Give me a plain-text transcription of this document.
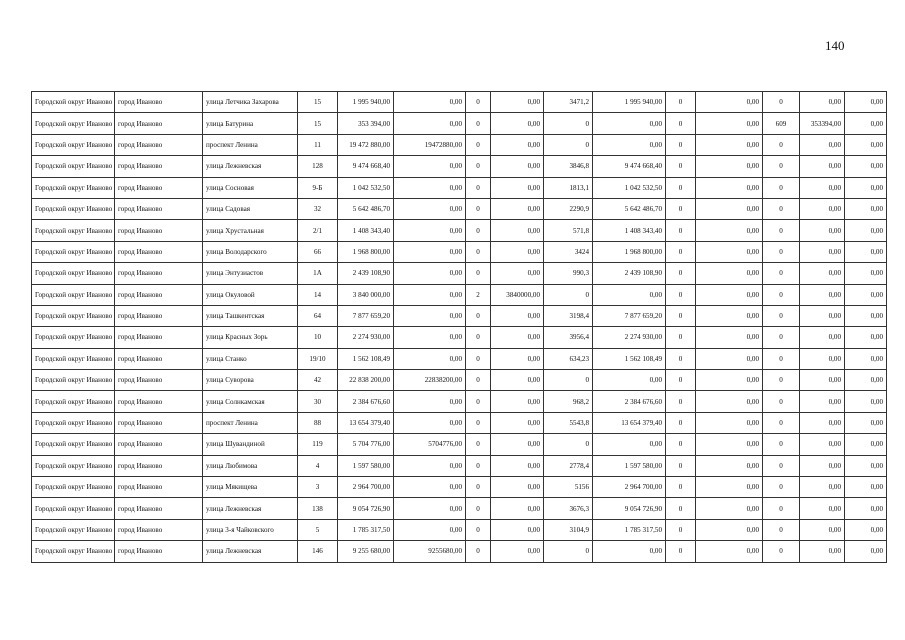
140
Городской округ Иваново	город Иваново	улица Летчика Захарова	15	1 995 940,00	0,00	0	0,00	3471,2	1 995 940,00	0	0,00	0	0,00	0,00
Городской округ Иваново	город Иваново	улица Батурина	15	353 394,00	0,00	0	0,00	0	0,00	0	0,00	609	353394,00	0,00
Городской округ Иваново	город Иваново	проспект Ленина	11	19 472 880,00	19472880,00	0	0,00	0	0,00	0	0,00	0	0,00	0,00
Городской округ Иваново	город Иваново	улица Лежневская	128	9 474 668,40	0,00	0	0,00	3846,8	9 474 668,40	0	0,00	0	0,00	0,00
Городской округ Иваново	город Иваново	улица Сосновая	9-Б	1 042 532,50	0,00	0	0,00	1813,1	1 042 532,50	0	0,00	0	0,00	0,00
Городской округ Иваново	город Иваново	улица Садовая	32	5 642 486,70	0,00	0	0,00	2290,9	5 642 486,70	0	0,00	0	0,00	0,00
Городской округ Иваново	город Иваново	улица Хрустальная	2/1	1 408 343,40	0,00	0	0,00	571,8	1 408 343,40	0	0,00	0	0,00	0,00
Городской округ Иваново	город Иваново	улица Володарского	66	1 968 800,00	0,00	0	0,00	3424	1 968 800,00	0	0,00	0	0,00	0,00
Городской округ Иваново	город Иваново	улица Энтузиастов	1А	2 439 108,90	0,00	0	0,00	990,3	2 439 108,90	0	0,00	0	0,00	0,00
Городской округ Иваново	город Иваново	улица Окуловой	14	3 840 000,00	0,00	2	3840000,00	0	0,00	0	0,00	0	0,00	0,00
Городской округ Иваново	город Иваново	улица Ташкентская	64	7 877 659,20	0,00	0	0,00	3198,4	7 877 659,20	0	0,00	0	0,00	0,00
Городской округ Иваново	город Иваново	улица Красных Зорь	10	2 274 930,00	0,00	0	0,00	3956,4	2 274 930,00	0	0,00	0	0,00	0,00
Городской округ Иваново	город Иваново	улица Станко	19/10	1 562 108,49	0,00	0	0,00	634,23	1 562 108,49	0	0,00	0	0,00	0,00
Городской округ Иваново	город Иваново	улица Суворова	42	22 838 200,00	22838200,00	0	0,00	0	0,00	0	0,00	0	0,00	0,00
Городской округ Иваново	город Иваново	улица Солнкамская	30	2 384 676,60	0,00	0	0,00	968,2	2 384 676,60	0	0,00	0	0,00	0,00
Городской округ Иваново	город Иваново	проспект Ленина	88	13 654 379,40	0,00	0	0,00	5543,8	13 654 379,40	0	0,00	0	0,00	0,00
Городской округ Иваново	город Иваново	улица Шувандиной	119	5 704 776,00	5704776,00	0	0,00	0	0,00	0	0,00	0	0,00	0,00
Городской округ Иваново	город Иваново	улица Любимова	4	1 597 580,00	0,00	0	0,00	2778,4	1 597 580,00	0	0,00	0	0,00	0,00
Городской округ Иваново	город Иваново	улица Мякищева	3	2 964 700,00	0,00	0	0,00	5156	2 964 700,00	0	0,00	0	0,00	0,00
Городской округ Иваново	город Иваново	улица Лежневская	138	9 054 726,90	0,00	0	0,00	3676,3	9 054 726,90	0	0,00	0	0,00	0,00
Городской округ Иваново	город Иваново	улица 3-я Чайковского	5	1 785 317,50	0,00	0	0,00	3104,9	1 785 317,50	0	0,00	0	0,00	0,00
Городской округ Иваново	город Иваново	улица Лежневская	146	9 255 680,00	9255680,00	0	0,00	0	0,00	0	0,00	0	0,00	0,00
